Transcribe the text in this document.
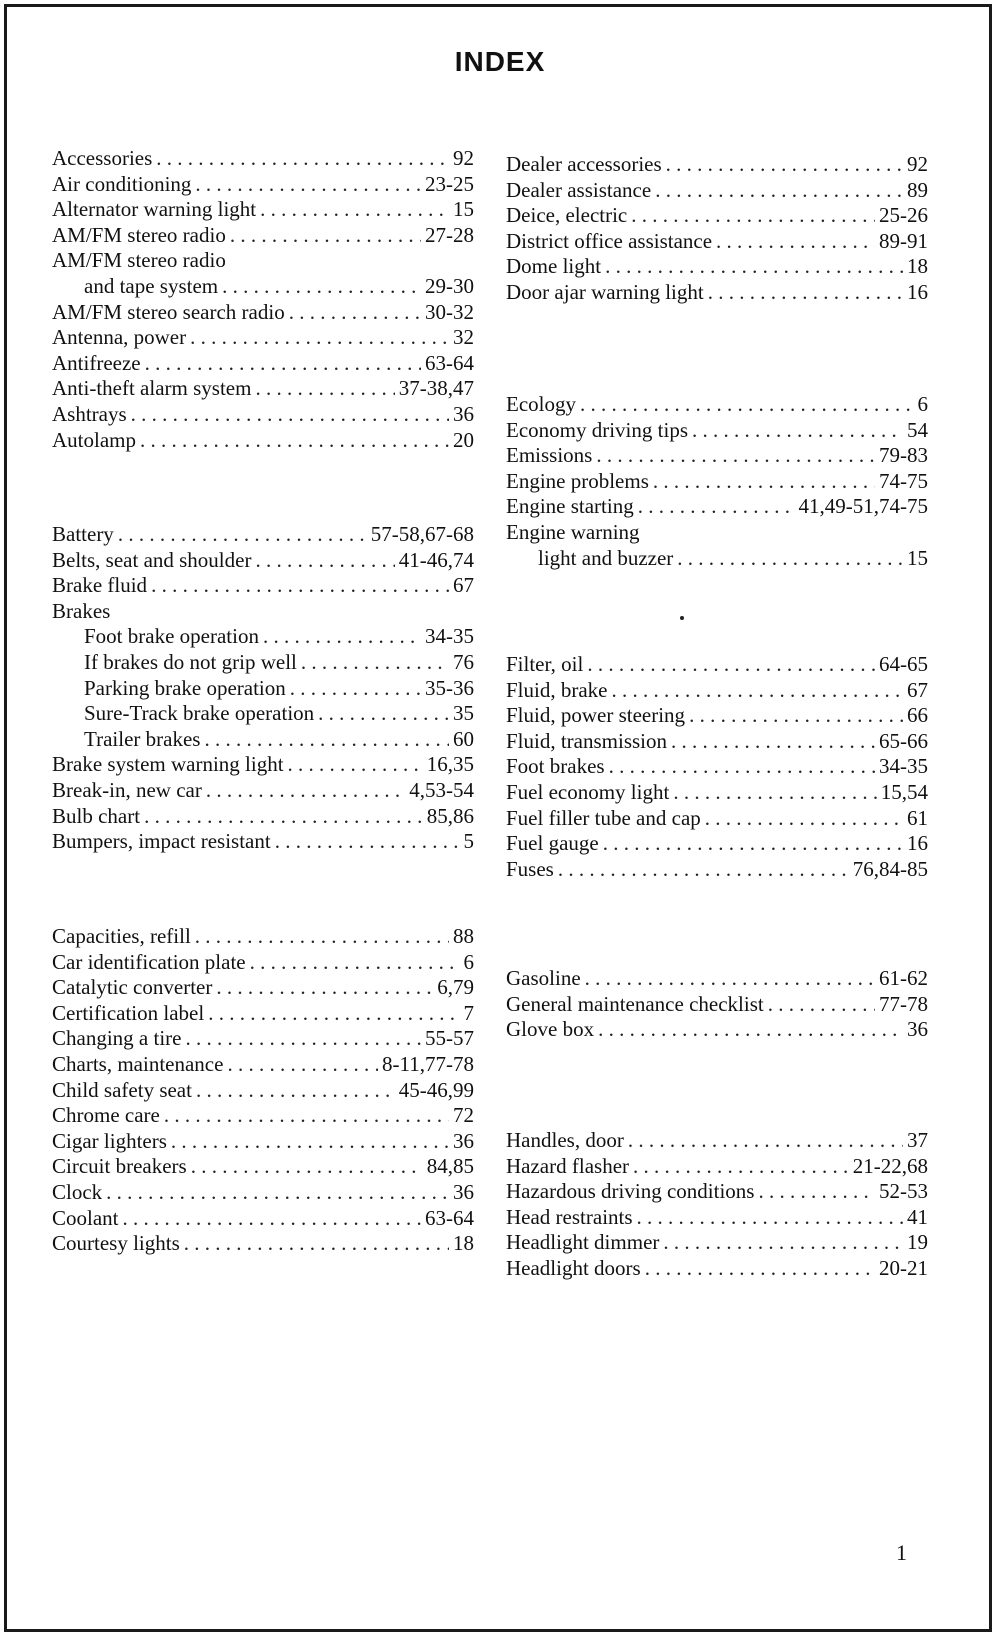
INDEX
Accessories . . .	92
Air conditioning . . .	23-25
Alternator warning light . . .	15
AM/FM stereo radio . . .	27-28
AM/FM stereo radio
and tape system . . .	29-30
AM/FM stereo search radio . . .	30-32
Antenna, power . . .	32
Antifreeze . . .	63-64
Anti-theft alarm system . . .	37-38,47
Ashtrays . . .	36
Autolamp . . .	20
Battery . . .	57-58,67-68
Belts, seat and shoulder . . .	41-46,74
Brake fluid . . .	67
Brakes
Foot brake operation . . .	34-35
If brakes do not grip well . . .	76
Parking brake operation . . .	35-36
Sure-Track brake operation . . .	35
Trailer brakes . . .	60
Brake system warning light . . .	16,35
Break-in, new car . . .	4,53-54
Bulb chart . . .	85,86
Bumpers, impact resistant . . .	5
Capacities, refill . . .	88
Car identification plate . . .	6
Catalytic converter . . .	6,79
Certification label . . .	7
Changing a tire . . .	55-57
Charts, maintenance . . .	8-11,77-78
Child safety seat . . .	45-46,99
Chrome care . . .	72
Cigar lighters . . .	36
Circuit breakers . . .	84,85
Clock . . .	36
Coolant . . .	63-64
Courtesy lights . . .	18
Dealer accessories . . .	92
Dealer assistance . . .	89
Deice, electric . . .	25-26
District office assistance . . .	89-91
Dome light . . .	18
Door ajar warning light . . .	16
Ecology . . .	6
Economy driving tips . . .	54
Emissions . . .	79-83
Engine problems . . .	74-75
Engine starting . . .	41,49-51,74-75
Engine warning
light and buzzer . . .	15
Filter, oil . . .	64-65
Fluid, brake . . .	67
Fluid, power steering . . .	66
Fluid, transmission . . .	65-66
Foot brakes . . .	34-35
Fuel economy light . . .	15,54
Fuel filler tube and cap . . .	61
Fuel gauge . . .	16
Fuses . . .	76,84-85
Gasoline . . .	61-62
General maintenance checklist . . .	77-78
Glove box . . .	36
Handles, door . . .	37
Hazard flasher . . .	21-22,68
Hazardous driving conditions . . .	52-53
Head restraints . . .	41
Headlight dimmer . . .	19
Headlight doors . . .	20-21
1
